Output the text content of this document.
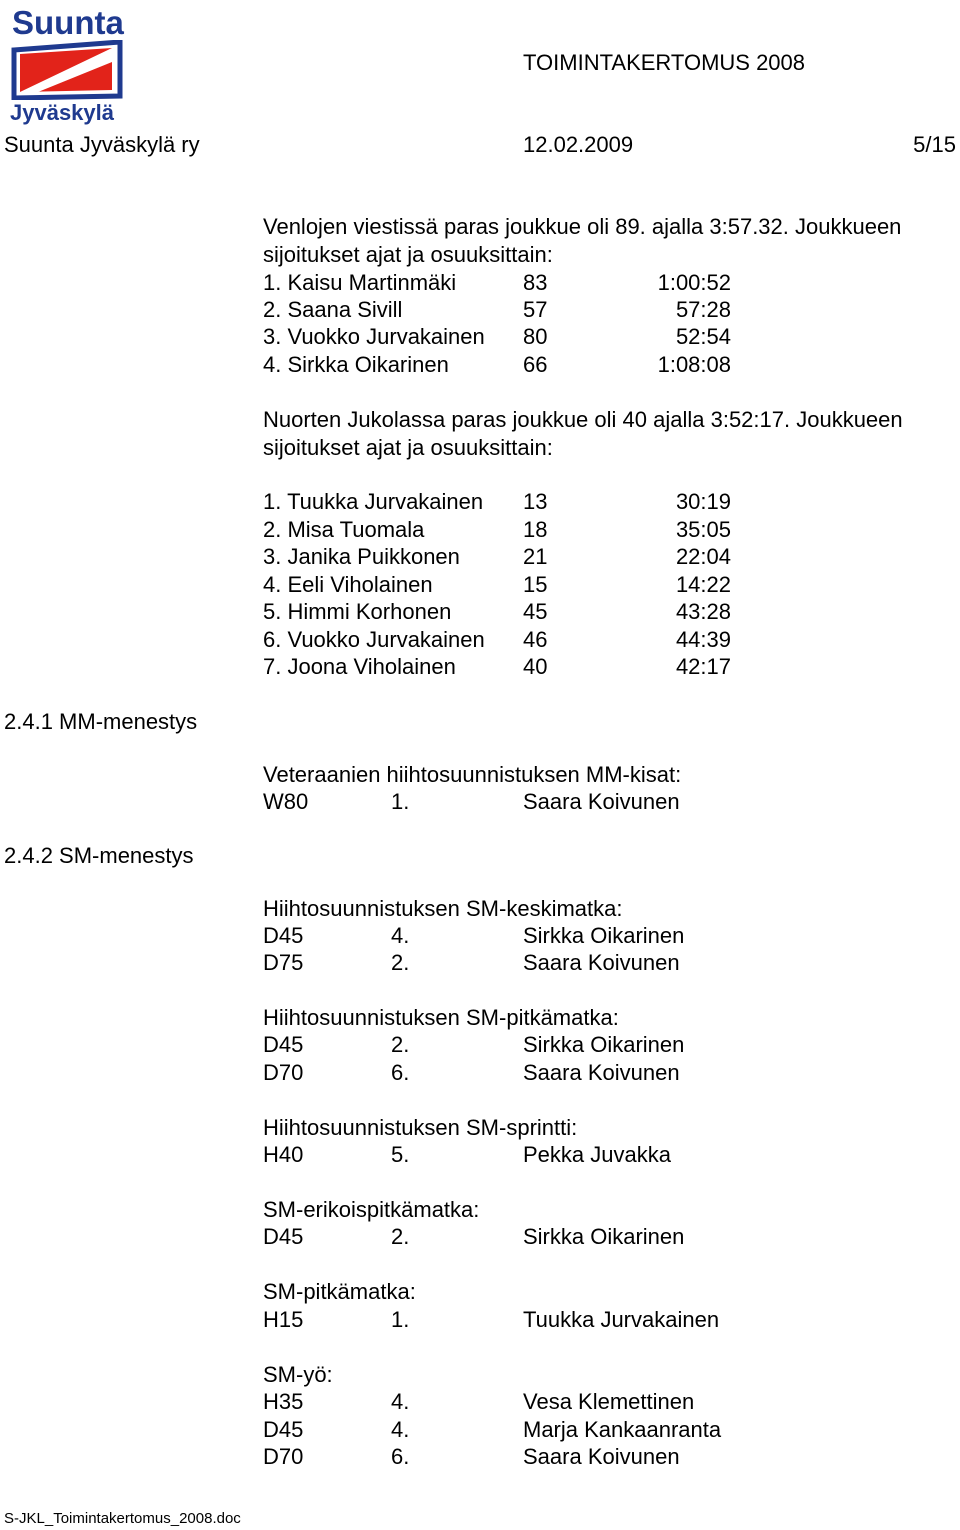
Suunta
Jyväskylä
TOIMINTAKERTOMUS 2008
Suunta Jyväskylä ry	12.02.2009	5/15
Venlojen viestissä paras joukkue oli 89. ajalla 3:57.32. Joukkueen
sijoitukset ajat ja osuuksittain:
1. Kaisu Martinmäki	83	1:00:52
2. Saana Sivill	57	57:28
3. Vuokko Jurvakainen 80	52:54
4. Sirkka Oikarinen	66	1:08:08
Nuorten Jukolassa paras joukkue oli 40 ajalla 3:52:17. Joukkueen
sijoitukset ajat ja osuuksittain:
1. Tuukka Jurvakainen 13	30:19
2. Misa Tuomala	18	35:05
3. Janika Puikkonen	21	22:04
4. Eeli Viholainen	15	14:22
5. Himmi Korhonen	45	43:28
6. Vuokko Jurvakainen 46	44:39
7. Joona Viholainen	40	42:17
2.4.1 MM-menestys
2.4.2 SM-menestys
Veteraanien hiihtosuunnistuksen MM-kisat:
W80	1.	Saara Koivunen
Hiihtosuunnistuksen SM-keskimatka:
D45	4.	Sirkka Oikarinen
D75	2.	Saara Koivunen
Hiihtosuunnistuksen SM-pitkämatka:
D45	2.	Sirkka Oikarinen
D70	6.	Saara Koivunen
Hiihtosuunnistuksen SM-sprintti:
H40	5.	Pekka Juvakka
SM-erikoispitkämatka:
D45	2.	Sirkka Oikarinen
SM-pitkämatka:
H15	1.	Tuukka Jurvakainen
SM-yö:
H35	4.	Vesa Klemettinen
D45	4.	Marja Kankaanranta
D70	6.	Saara Koivunen
S-JKL_Toimintakertomus_2008.doc
